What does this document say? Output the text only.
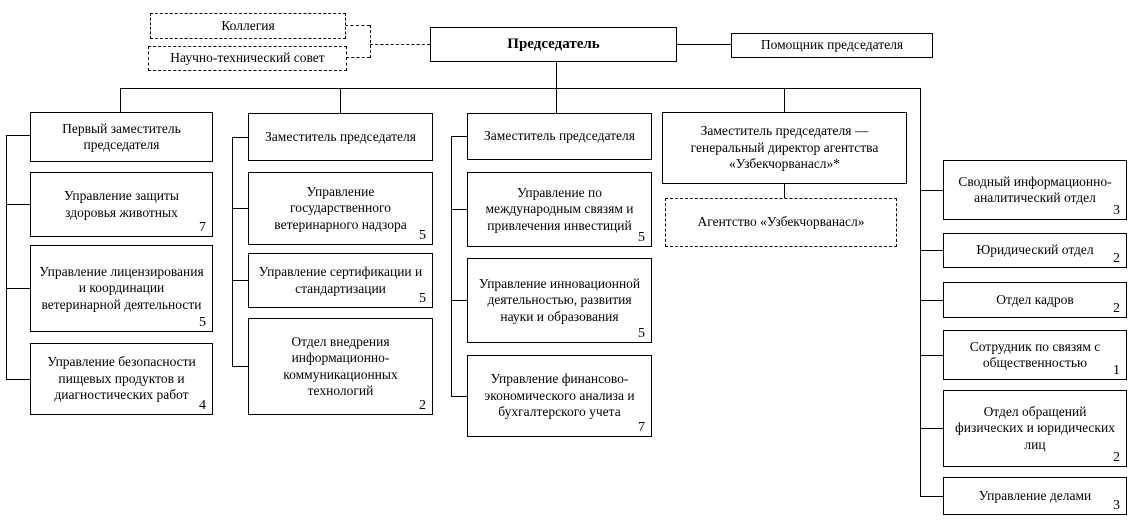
Коллегия
Научно-технический совет
Председатель	Помощник председателя
Первый заместитель председателя
Управление защиты здоровья животных
7
Управление лицензирования и координации ветеринарной деятельности
5
Управление безопасности пищевых продуктов и диагностических работ
4
Заместитель председателя
Управление государственного ветеринарного надзора
5
Управление сертификации и стандартизации
5
Отдел внедрения информационно-коммуникационных технологий
2
Заместитель председателя
Управление по международным связям и привлечения инвестиций
5
Управление инновационной деятельностью, развития науки и образования
5
Управление финансово-экономического анализа и бухгалтерского учета
7
Заместитель председателя — генеральный директор агентства «Узбекчорванасл»*
Агентство «Узбекчорванасл»
Сводный информационно-аналитический отдел
3
Юридический отдел
2
Отдел кадров
2
Сотрудник по связям с общественностью
1
Отдел обращений физических и юридических лиц
2
Управление делами
3
